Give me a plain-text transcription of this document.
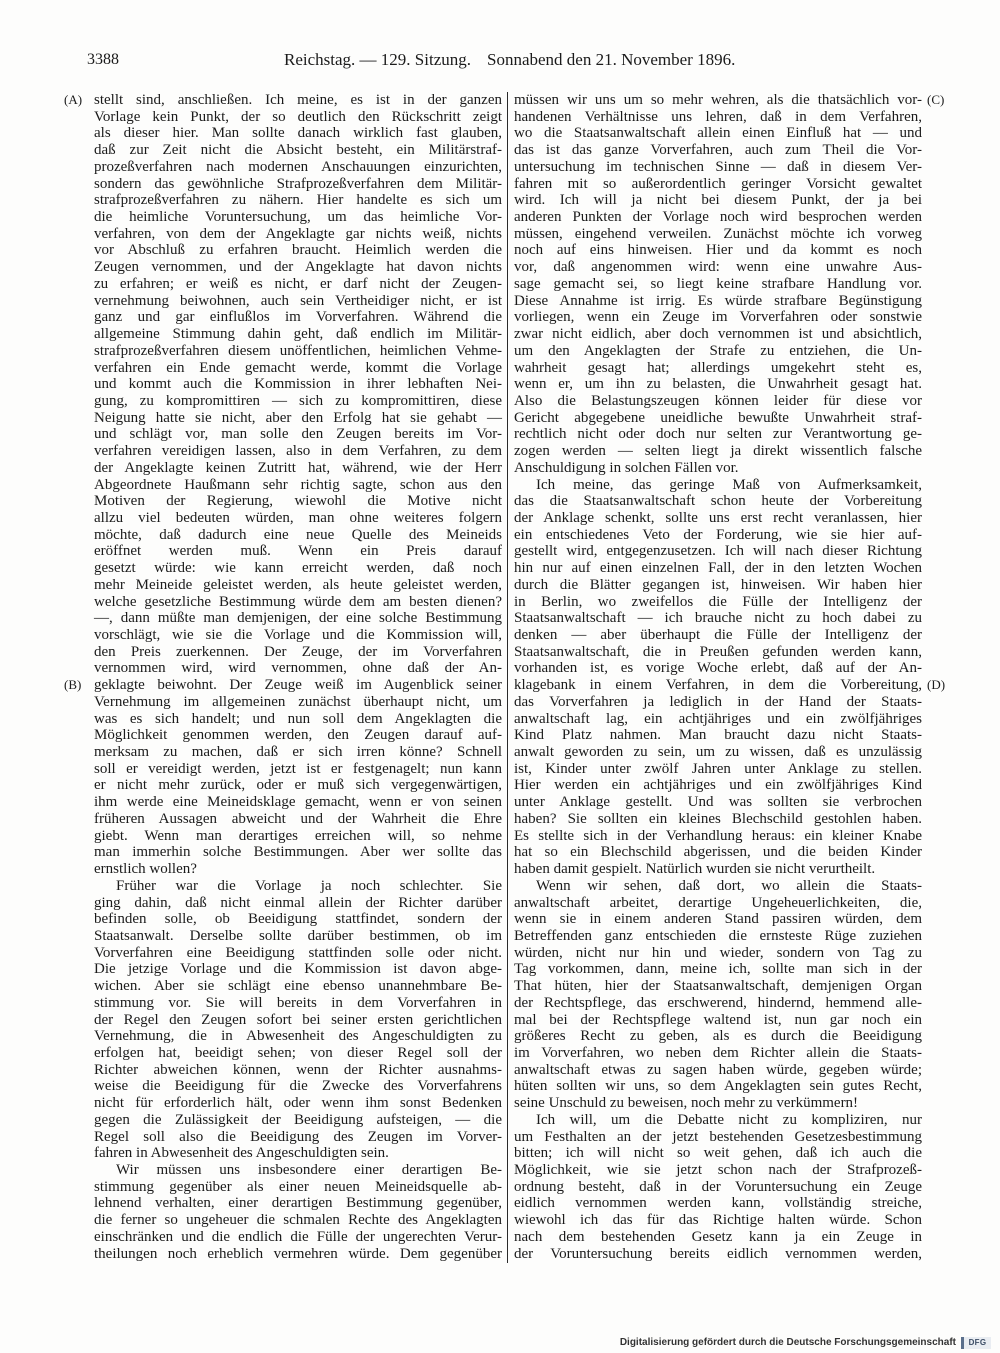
3388	Reichstag. — 129. Sitzung. Sonnabend den 21. November 1896.
(A)
(B)
(C)
(D)
stellt sind, anschließen. Ich meine, es ist in der ganzen
Vorlage kein Punkt, der so deutlich den Rückschritt zeigt
als dieser hier. Man sollte danach wirklich fast glauben,
daß zur Zeit nicht die Absicht besteht, ein Militärstraf-
prozeßverfahren nach modernen Anschauungen einzurichten,
sondern das gewöhnliche Strafprozeßverfahren dem Militär-
strafprozeßverfahren zu nähern. Hier handelte es sich um
die heimliche Voruntersuchung, um das heimliche Vor-
verfahren, von dem der Angeklagte gar nichts weiß, nichts
vor Abschluß zu erfahren braucht. Heimlich werden die
Zeugen vernommen, und der Angeklagte hat davon nichts
zu erfahren; er weiß es nicht, er darf nicht der Zeugen-
vernehmung beiwohnen, auch sein Vertheidiger nicht, er ist
ganz und gar einflußlos im Vorverfahren. Während die
allgemeine Stimmung dahin geht, daß endlich im Militär-
strafprozeßverfahren diesem unöffentlichen, heimlichen Vehme-
verfahren ein Ende gemacht werde, kommt die Vorlage
und kommt auch die Kommission in ihrer lebhaften Nei-
gung, zu kompromittiren — sich zu kompromittiren, diese
Neigung hatte sie nicht, aber den Erfolg hat sie gehabt —
und schlägt vor, man solle den Zeugen bereits im Vor-
verfahren vereidigen lassen, also in dem Verfahren, zu dem
der Angeklagte keinen Zutritt hat, während, wie der Herr
Abgeordnete Haußmann sehr richtig sagte, schon aus den
Motiven der Regierung, wiewohl die Motive nicht
allzu viel bedeuten würden, man ohne weiteres folgern
möchte, daß dadurch eine neue Quelle des Meineids
eröffnet werden muß. Wenn ein Preis darauf
gesetzt würde: wie kann erreicht werden, daß noch
mehr Meineide geleistet werden, als heute geleistet werden,
welche gesetzliche Bestimmung würde dem am besten dienen?
—, dann müßte man demjenigen, der eine solche Bestimmung
vorschlägt, wie sie die Vorlage und die Kommission will,
den Preis zuerkennen. Der Zeuge, der im Vorverfahren
vernommen wird, wird vernommen, ohne daß der An-
geklagte beiwohnt. Der Zeuge weiß im Augenblick seiner
Vernehmung im allgemeinen zunächst überhaupt nicht, um
was es sich handelt; und nun soll dem Angeklagten die
Möglichkeit genommen werden, den Zeugen darauf auf-
merksam zu machen, daß er sich irren könne? Schnell
soll er vereidigt werden, jetzt ist er festgenagelt; nun kann
er nicht mehr zurück, oder er muß sich vergegenwärtigen,
ihm werde eine Meineidsklage gemacht, wenn er von seinen
früheren Aussagen abweicht und der Wahrheit die Ehre
giebt. Wenn man derartiges erreichen will, so nehme
man immerhin solche Bestimmungen. Aber wer sollte das
ernstlich wollen?
Früher war die Vorlage ja noch schlechter. Sie
ging dahin, daß nicht einmal allein der Richter darüber
befinden solle, ob Beeidigung stattfindet, sondern der
Staatsanwalt. Derselbe sollte darüber bestimmen, ob im
Vorverfahren eine Beeidigung stattfinden solle oder nicht.
Die jetzige Vorlage und die Kommission ist davon abge-
wichen. Aber sie schlägt eine ebenso unannehmbare Be-
stimmung vor. Sie will bereits in dem Vorverfahren in
der Regel den Zeugen sofort bei seiner ersten gerichtlichen
Vernehmung, die in Abwesenheit des Angeschuldigten zu
erfolgen hat, beeidigt sehen; von dieser Regel soll der
Richter abweichen können, wenn der Richter ausnahms-
weise die Beeidigung für die Zwecke des Vorverfahrens
nicht für erforderlich hält, oder wenn ihm sonst Bedenken
gegen die Zulässigkeit der Beeidigung aufsteigen, — die
Regel soll also die Beeidigung des Zeugen im Vorver-
fahren in Abwesenheit des Angeschuldigten sein.
Wir müssen uns insbesondere einer derartigen Be-
stimmung gegenüber als einer neuen Meineidsquelle ab-
lehnend verhalten, einer derartigen Bestimmung gegenüber,
die ferner so ungeheuer die schmalen Rechte des Angeklagten
einschränken und die endlich die Fülle der ungerechten Verur-
theilungen noch erheblich vermehren würde. Dem gegenüber
müssen wir uns um so mehr wehren, als die thatsächlich vor-
handenen Verhältnisse uns lehren, daß in dem Verfahren,
wo die Staatsanwaltschaft allein einen Einfluß hat — und
das ist das ganze Vorverfahren, auch zum Theil die Vor-
untersuchung im technischen Sinne — daß in diesem Ver-
fahren mit so außerordentlich geringer Vorsicht gewaltet
wird. Ich will ja nicht bei diesem Punkt, der ja bei
anderen Punkten der Vorlage noch wird besprochen werden
müssen, eingehend verweilen. Zunächst möchte ich vorweg
noch auf eins hinweisen. Hier und da kommt es noch
vor, daß angenommen wird: wenn eine unwahre Aus-
sage gemacht sei, so liegt keine strafbare Handlung vor.
Diese Annahme ist irrig. Es würde strafbare Begünstigung
vorliegen, wenn ein Zeuge im Vorverfahren oder sonstwie
zwar nicht eidlich, aber doch vernommen ist und absichtlich,
um den Angeklagten der Strafe zu entziehen, die Un-
wahrheit gesagt hat; allerdings umgekehrt steht es,
wenn er, um ihn zu belasten, die Unwahrheit gesagt hat.
Also die Belastungszeugen können leider für diese vor
Gericht abgegebene uneidliche bewußte Unwahrheit straf-
rechtlich nicht oder doch nur selten zur Verantwortung ge-
zogen werden — selten liegt ja direkt wissentlich falsche
Anschuldigung in solchen Fällen vor.
Ich meine, das geringe Maß von Aufmerksamkeit,
das die Staatsanwaltschaft schon heute der Vorbereitung
der Anklage schenkt, sollte uns erst recht veranlassen, hier
ein entschiedenes Veto der Forderung, wie sie hier auf-
gestellt wird, entgegenzusetzen. Ich will nach dieser Richtung
hin nur auf einen einzelnen Fall, der in den letzten Wochen
durch die Blätter gegangen ist, hinweisen. Wir haben hier
in Berlin, wo zweifellos die Fülle der Intelligenz der
Staatsanwaltschaft — ich brauche nicht zu hoch dabei zu
denken — aber überhaupt die Fülle der Intelligenz der
Staatsanwaltschaft, die in Preußen gefunden werden kann,
vorhanden ist, es vorige Woche erlebt, daß auf der An-
klagebank in einem Verfahren, in dem die Vorbereitung,
das Vorverfahren ja lediglich in der Hand der Staats-
anwaltschaft lag, ein achtjähriges und ein zwölfjähriges
Kind Platz nahmen. Man braucht dazu nicht Staats-
anwalt geworden zu sein, um zu wissen, daß es unzulässig
ist, Kinder unter zwölf Jahren unter Anklage zu stellen.
Hier werden ein achtjähriges und ein zwölfjähriges Kind
unter Anklage gestellt. Und was sollten sie verbrochen
haben? Sie sollten ein kleines Blechschild gestohlen haben.
Es stellte sich in der Verhandlung heraus: ein kleiner Knabe
hat so ein Blechschild abgerissen, und die beiden Kinder
haben damit gespielt. Natürlich wurden sie nicht verurtheilt.
Wenn wir sehen, daß dort, wo allein die Staats-
anwaltschaft arbeitet, derartige Ungeheuerlichkeiten, die,
wenn sie in einem anderen Stand passiren würden, dem
Betreffenden ganz entschieden die ernsteste Rüge zuziehen
würden, nicht nur hin und wieder, sondern von Tag zu
Tag vorkommen, dann, meine ich, sollte man sich in der
That hüten, hier der Staatsanwaltschaft, demjenigen Organ
der Rechtspflege, das erschwerend, hindernd, hemmend alle-
mal bei der Rechtspflege waltend ist, nun gar noch ein
größeres Recht zu geben, als es durch die Beeidigung
im Vorverfahren, wo neben dem Richter allein die Staats-
anwaltschaft etwas zu sagen haben würde, gegeben würde;
hüten sollten wir uns, so dem Angeklagten sein gutes Recht,
seine Unschuld zu beweisen, noch mehr zu verkümmern!
Ich will, um die Debatte nicht zu kompliziren, nur
um Festhalten an der jetzt bestehenden Gesetzesbestimmung
bitten; ich will nicht so weit gehen, daß ich auch die
Möglichkeit, wie sie jetzt schon nach der Strafprozeß-
ordnung besteht, daß in der Voruntersuchung ein Zeuge
eidlich vernommen werden kann, vollständig streiche,
wiewohl ich das für das Richtige halten würde. Schon
nach dem bestehenden Gesetz kann ja ein Zeuge in
der Voruntersuchung bereits eidlich vernommen werden,
Digitalisierung gefördert durch die Deutsche Forschungsgemeinschaft	DFG
